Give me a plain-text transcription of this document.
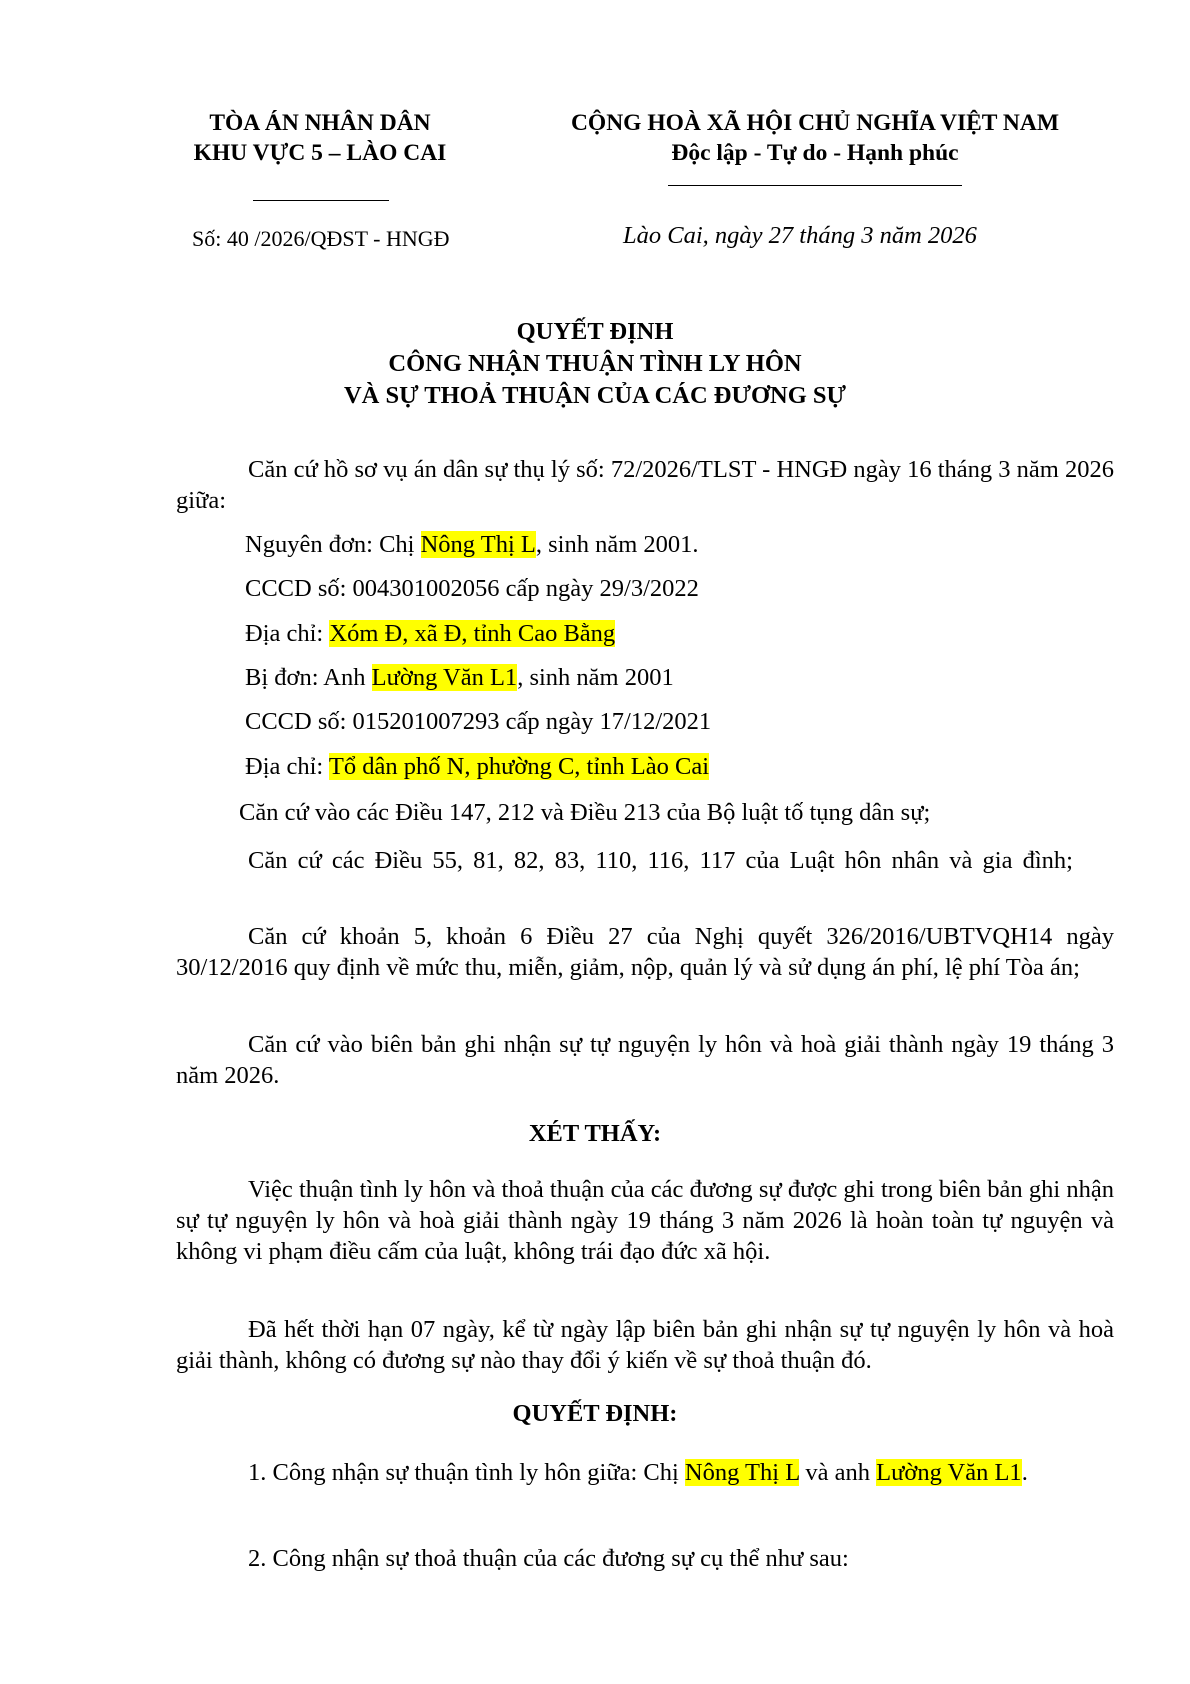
TÒA ÁN NHÂN DÂN
KHU VỰC 5 – LÀO CAI
CỘNG HOÀ XÃ HỘI CHỦ NGHĨA VIỆT NAM
Độc lập - Tự do - Hạnh phúc
Số: 40 /2026/QĐST - HNGĐ	Lào Cai, ngày 27 tháng 3 năm 2026
QUYẾT ĐỊNH
CÔNG NHẬN THUẬN TÌNH LY HÔN
VÀ SỰ THOẢ THUẬN CỦA CÁC ĐƯƠNG SỰ
Căn cứ hồ sơ vụ án dân sự thụ lý số: 72/2026/TLST - HNGĐ ngày 16 tháng 3 năm 2026 giữa:
Nguyên đơn: Chị Nông Thị L, sinh năm 2001.
CCCD số: 004301002056 cấp ngày 29/3/2022
Địa chỉ: Xóm Đ, xã Đ, tỉnh Cao Bằng
Bị đơn: Anh Lường Văn L1, sinh năm 2001
CCCD số: 015201007293 cấp ngày 17/12/2021
Địa chỉ: Tổ dân phố N, phường C, tỉnh Lào Cai
Căn cứ vào các Điều 147, 212 và Điều 213 của Bộ luật tố tụng dân sự;
Căn cứ các Điều 55, 81, 82, 83, 110, 116, 117 của Luật hôn nhân và gia đình;
Căn cứ khoản 5, khoản 6 Điều 27 của Nghị quyết 326/2016/UBTVQH14 ngày 30/12/2016 quy định về mức thu, miễn, giảm, nộp, quản lý và sử dụng án phí, lệ phí Tòa án;
Căn cứ vào biên bản ghi nhận sự tự nguyện ly hôn và hoà giải thành ngày 19 tháng 3 năm 2026.
XÉT THẤY:
Việc thuận tình ly hôn và thoả thuận của các đương sự được ghi trong biên bản ghi nhận sự tự nguyện ly hôn và hoà giải thành ngày 19 tháng 3 năm 2026 là hoàn toàn tự nguyện và không vi phạm điều cấm của luật, không trái đạo đức xã hội.
Đã hết thời hạn 07 ngày, kể từ ngày lập biên bản ghi nhận sự tự nguyện ly hôn và hoà giải thành, không có đương sự nào thay đổi ý kiến về sự thoả thuận đó.
QUYẾT ĐỊNH:
1. Công nhận sự thuận tình ly hôn giữa: Chị Nông Thị L và anh Lường Văn L1.
2. Công nhận sự thoả thuận của các đương sự cụ thể như sau:
